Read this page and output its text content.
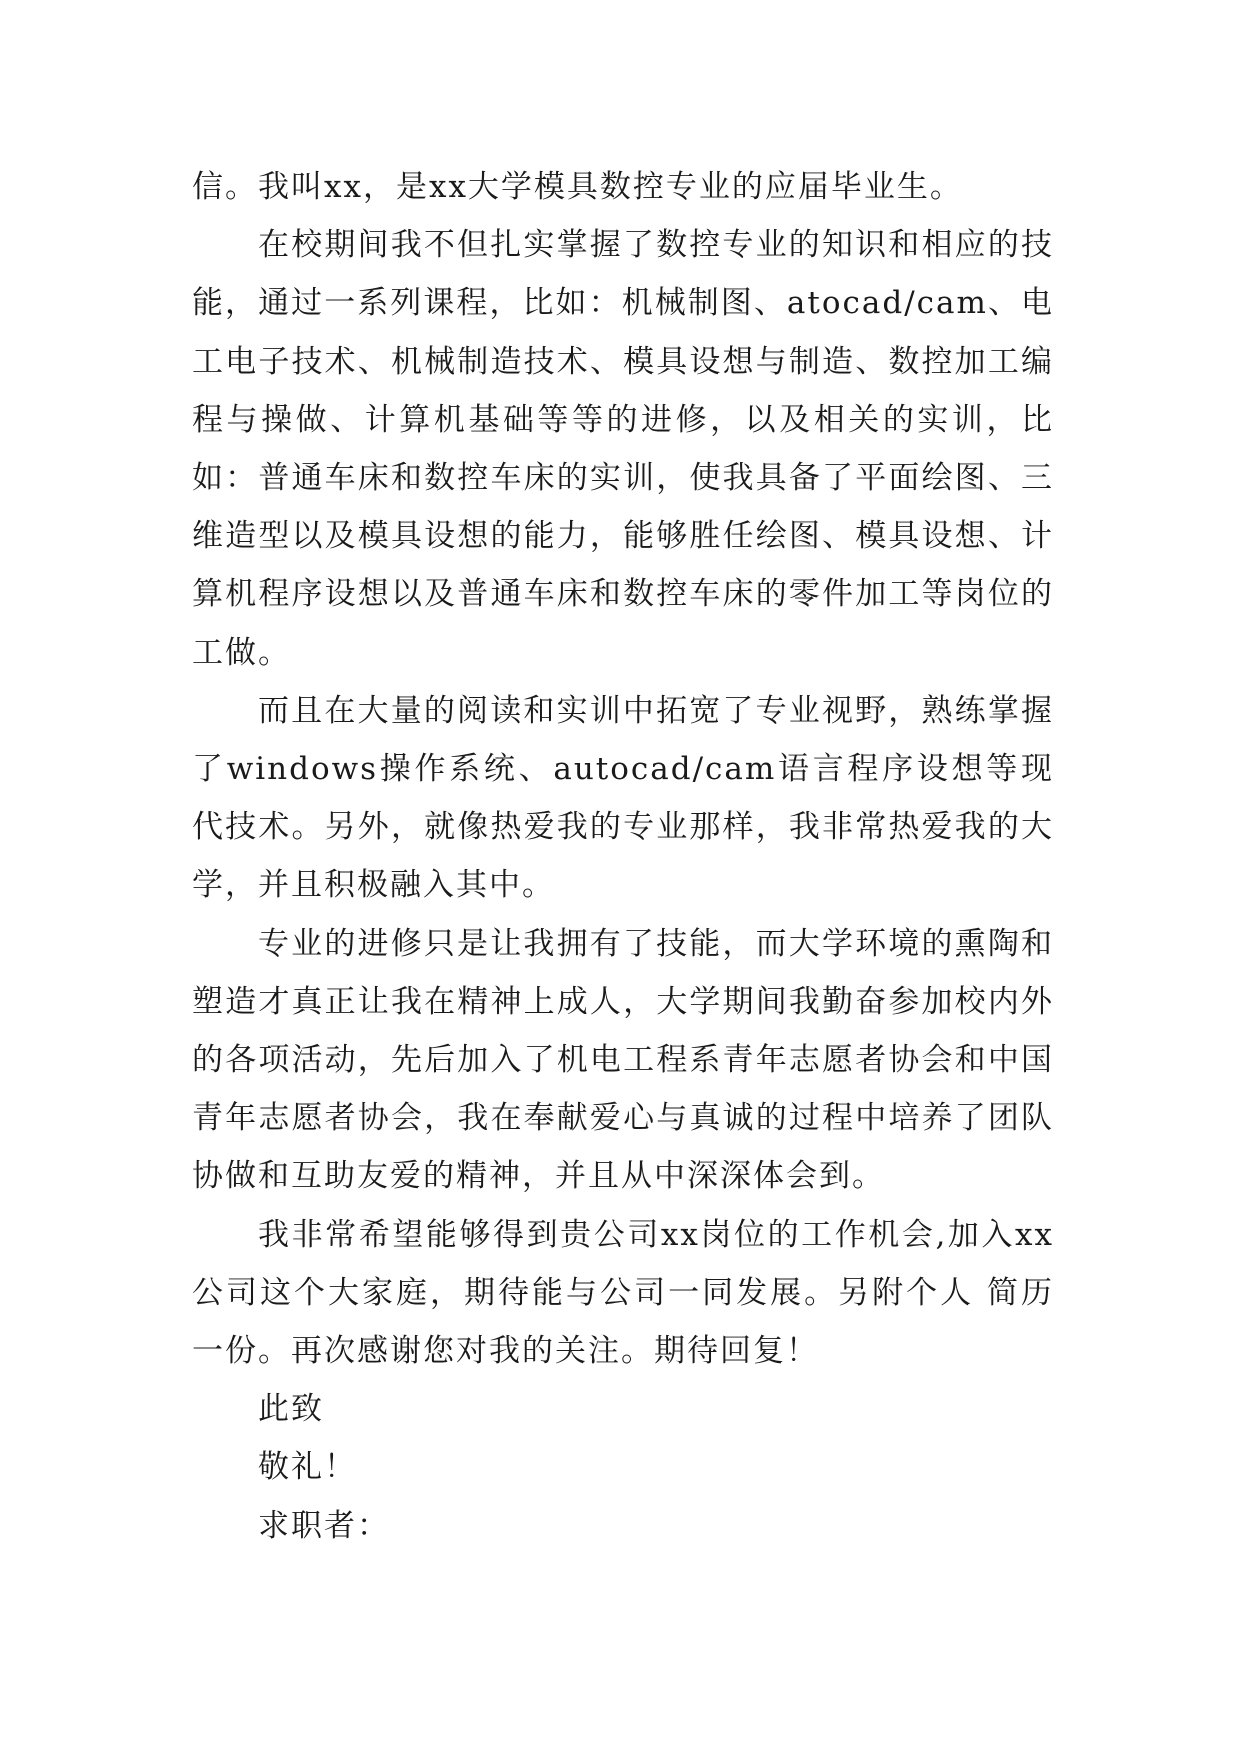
信。我叫xx，是xx大学模具数控专业的应届毕业生。

在校期间我不但扎实掌握了数控专业的知识和相应的技能，通过一系列课程，比如：机械制图、atocad/cam、电工电子技术、机械制造技术、模具设想与制造、数控加工编程与操做、计算机基础等等的进修，以及相关的实训，比如：普通车床和数控车床的实训，使我具备了平面绘图、三维造型以及模具设想的能力，能够胜任绘图、模具设想、计算机程序设想以及普通车床和数控车床的零件加工等岗位的工做。

而且在大量的阅读和实训中拓宽了专业视野，熟练掌握了windows操作系统、autocad/cam语言程序设想等现代技术。另外，就像热爱我的专业那样，我非常热爱我的大学，并且积极融入其中。

专业的进修只是让我拥有了技能，而大学环境的熏陶和塑造才真正让我在精神上成人，大学期间我勤奋参加校内外的各项活动，先后加入了机电工程系青年志愿者协会和中国青年志愿者协会，我在奉献爱心与真诚的过程中培养了团队协做和互助友爱的精神，并且从中深深体会到。

我非常希望能够得到贵公司xx岗位的工作机会,加入xx公司这个大家庭，期待能与公司一同发展。另附个人 简历一份。再次感谢您对我的关注。期待回复！

此致

敬礼！

求职者：
